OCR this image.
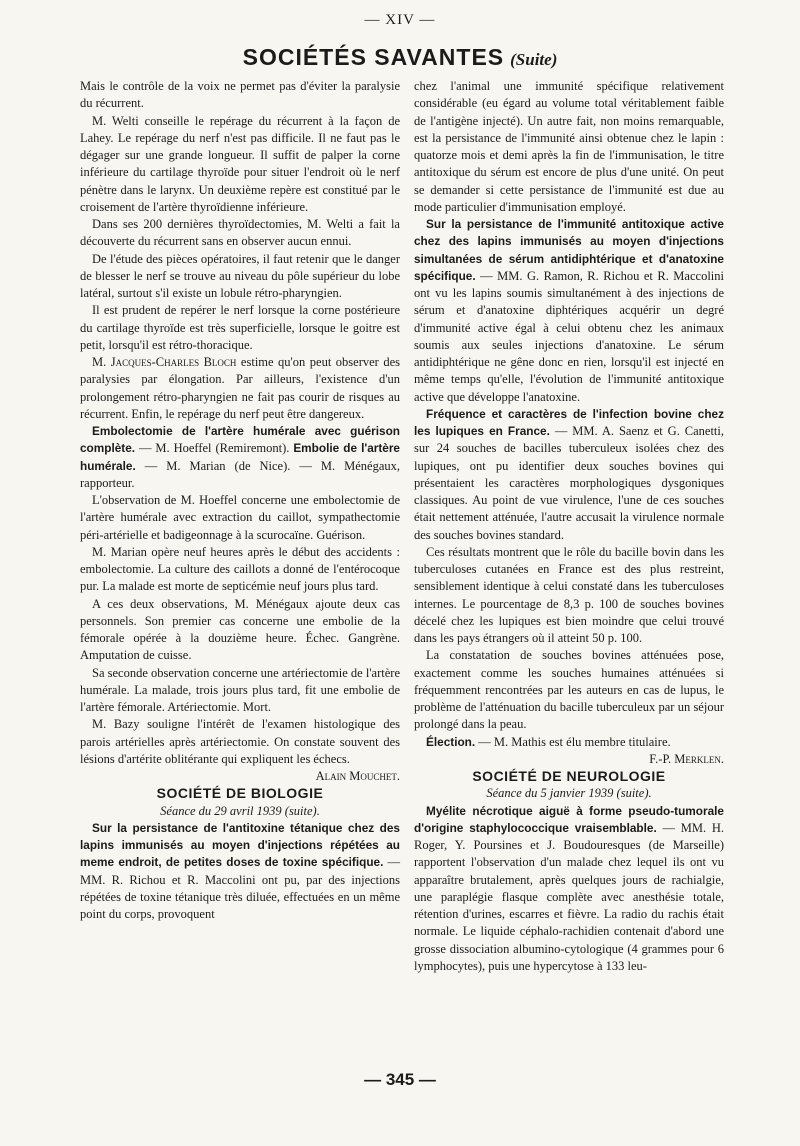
— XIV —
SOCIÉTÉS SAVANTES (Suite)

Mais le contrôle de la voix ne permet pas d'éviter la paralysie du récurrent.

M. Welti conseille le repérage du récurrent à la façon de Lahey. Le repérage du nerf n'est pas difficile. Il ne faut pas le dégager sur une grande longueur. Il suffit de palper la corne inférieure du cartilage thyroïde pour situer l'endroit où le nerf pénètre dans le larynx. Un deuxième repère est constitué par le croisement de l'artère thyroïdienne inférieure.

Dans ses 200 dernières thyroïdectomies, M. Welti a fait la découverte du récurrent sans en observer aucun ennui.

De l'étude des pièces opératoires, il faut retenir que le danger de blesser le nerf se trouve au niveau du pôle supérieur du lobe latéral, surtout s'il existe un lobule rétro-pharyngien.

Il est prudent de repérer le nerf lorsque la corne postérieure du cartilage thyroïde est très superficielle, lorsque le goitre est petit, lorsqu'il est rétro-thoracique.

M. Jacques-Charles Bloch estime qu'on peut observer des paralysies par élongation. Par ailleurs, l'existence d'un prolongement rétro-pharyngien ne fait pas courir de risques au récurrent. Enfin, le repérage du nerf peut être dangereux.

Embolectomie de l'artère humérale avec guérison complète. — M. Hoeffel (Remiremont). Embolie de l'artère humérale. — M. Marian (de Nice). — M. Ménégaux, rapporteur.

L'observation de M. Hoeffel concerne une embolectomie de l'artère humérale avec extraction du caillot, sympathectomie péri-artérielle et badigeonnage à la scurocaïne. Guérison.

M. Marian opère neuf heures après le début des accidents : embolectomie. La culture des caillots a donné de l'entérocoque pur. La malade est morte de septicémie neuf jours plus tard.

A ces deux observations, M. Ménégaux ajoute deux cas personnels. Son premier cas concerne une embolie de la fémorale opérée à la douzième heure. Échec. Gangrène. Amputation de cuisse.

Sa seconde observation concerne une artériectomie de l'artère humérale. La malade, trois jours plus tard, fit une embolie de l'artère fémorale. Artériectomie. Mort.

M. Bazy souligne l'intérêt de l'examen histologique des parois artérielles après artériectomie. On constate souvent des lésions d'artérite oblitérante qui expliquent les échecs.

Alain Mouchet.

SOCIÉTÉ DE BIOLOGIE

Séance du 29 avril 1939 (suite).

Sur la persistance de l'antitoxine tétanique chez des lapins immunisés au moyen d'injections répétées au meme endroit, de petites doses de toxine spécifique. — MM. R. Richou et R. Maccolini ont pu, par des injections répétées de toxine tétanique très diluée, effectuées en un même point du corps, provoquent

chez l'animal une immunité spécifique relativement considérable (eu égard au volume total véritablement faible de l'antigène injecté). Un autre fait, non moins remarquable, est la persistance de l'immunité ainsi obtenue chez le lapin : quatorze mois et demi après la fin de l'immunisation, le titre antitoxique du sérum est encore de plus d'une unité. On peut se demander si cette persistance de l'immunité est due au mode particulier d'immunisation employé.

Sur la persistance de l'immunité antitoxique active chez des lapins immunisés au moyen d'injections simultanées de sérum antidiphtérique et d'anatoxine spécifique. — MM. G. Ramon, R. Richou et R. Maccolini ont vu les lapins soumis simultanément à des injections de sérum et d'anatoxine diphtériques acquérir un degré d'immunité active égal à celui obtenu chez les animaux soumis aux seules injections d'anatoxine. Le sérum antidiphtérique ne gêne donc en rien, lorsqu'il est injecté en même temps qu'elle, l'évolution de l'immunité antitoxique active que développe l'anatoxine.

Fréquence et caractères de l'infection bovine chez les lupiques en France. — MM. A. Saenz et G. Canetti, sur 24 souches de bacilles tuberculeux isolées chez des lupiques, ont pu identifier deux souches bovines qui présentaient les caractères morphologiques dysgoniques classiques. Au point de vue virulence, l'une de ces souches était nettement atténuée, l'autre accusait la virulence normale des souches bovines standard.

Ces résultats montrent que le rôle du bacille bovin dans les tuberculoses cutanées en France est des plus restreint, sensiblement identique à celui constaté dans les tuberculoses internes. Le pourcentage de 8,3 p. 100 de souches bovines décelé chez les lupiques est bien moindre que celui trouvé dans les pays étrangers où il atteint 50 p. 100.

La constatation de souches bovines atténuées pose, exactement comme les souches humaines atténuées si fréquemment rencontrées par les auteurs en cas de lupus, le problème de l'atténuation du bacille tuberculeux par un séjour prolongé dans la peau.

Élection. — M. Mathis est élu membre titulaire.

F.-P. Merklen.

SOCIÉTÉ DE NEUROLOGIE

Séance du 5 janvier 1939 (suite).

Myélite nécrotique aiguë à forme pseudo-tumorale d'origine staphylococcique vraisemblable. — MM. H. Roger, Y. Poursines et J. Boudouresques (de Marseille) rapportent l'observation d'un malade chez lequel ils ont vu apparaître brutalement, après quelques jours de rachialgie, une paraplégie flasque complète avec anesthésie totale, rétention d'urines, escarres et fièvre. La radio du rachis était normale. Le liquide céphalo-rachidien contenait d'abord une grosse dissociation albumino-cytologique (4 grammes pour 6 lymphocytes), puis une hypercytose à 133 leu-

— 345 —
